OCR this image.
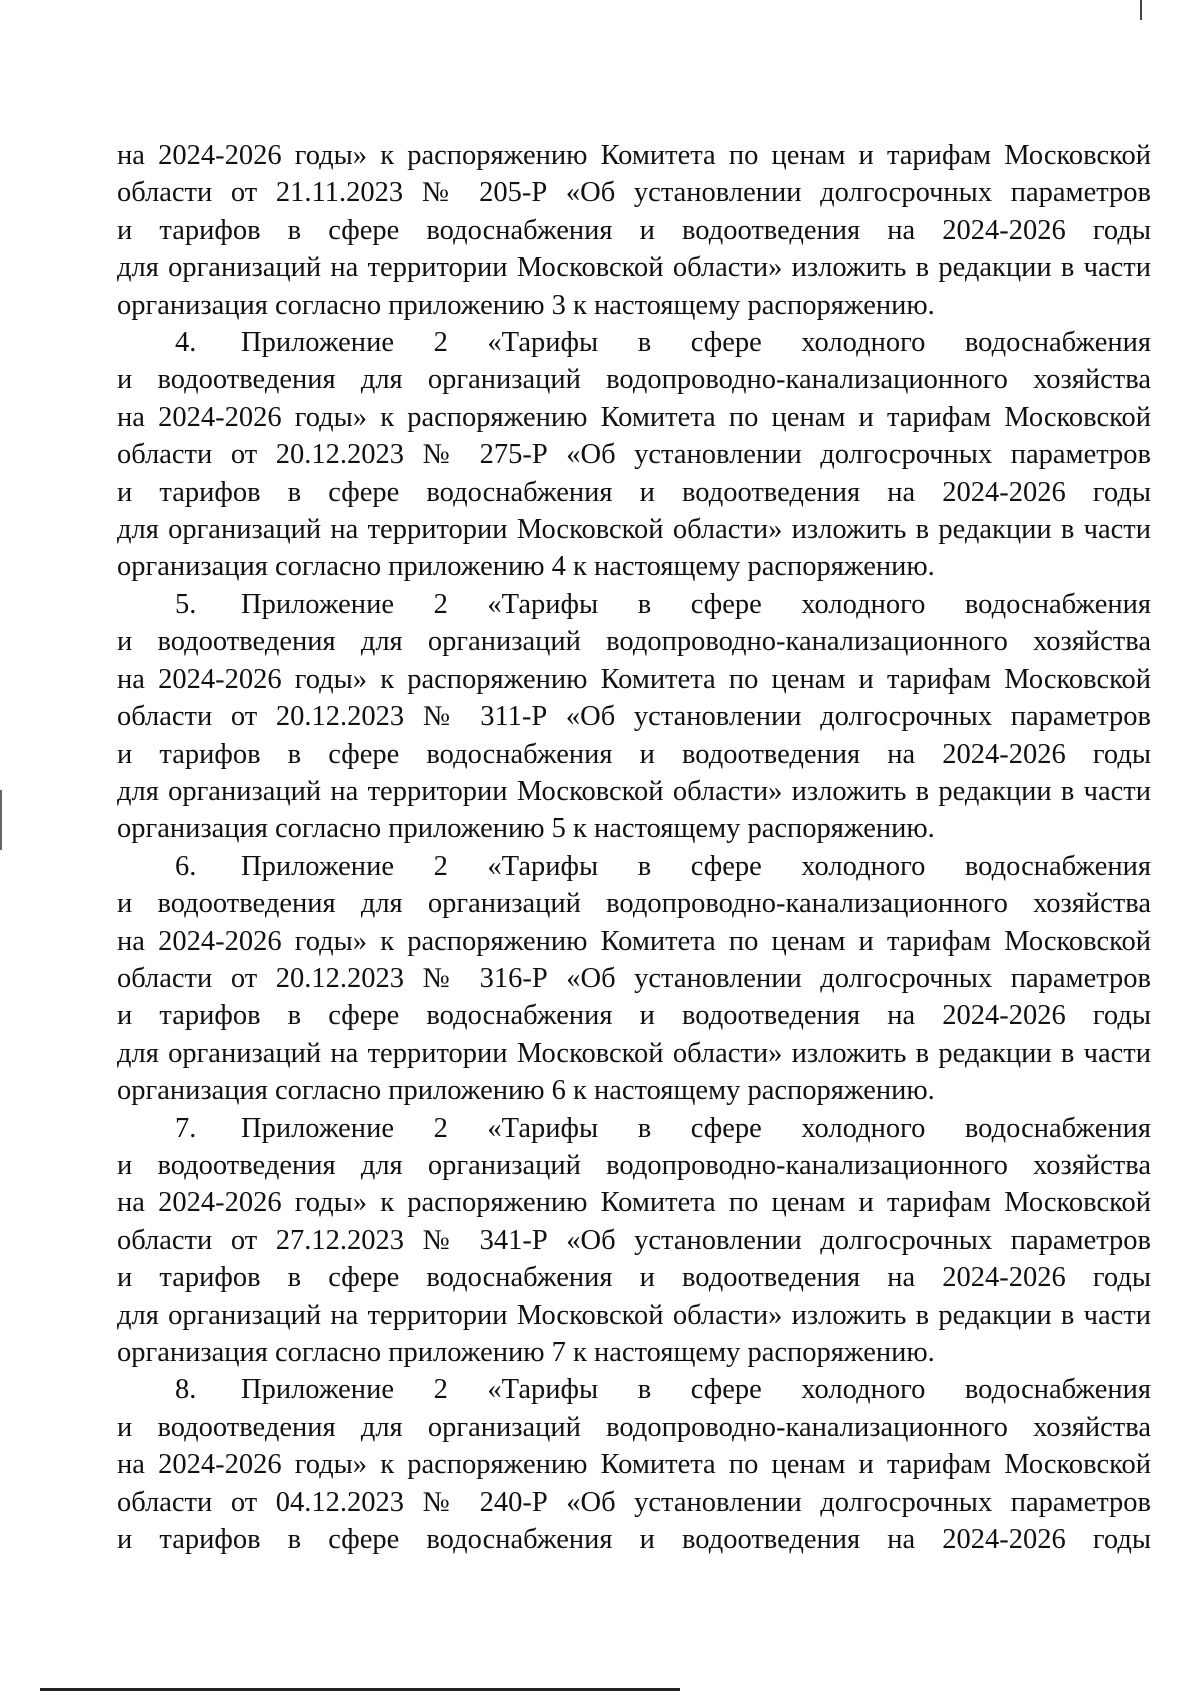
на 2024-2026 годы» к распоряжению Комитета по ценам и тарифам Московской
области от 21.11.2023 № 205-Р «Об установлении долгосрочных параметров
и тарифов в сфере водоснабжения и водоотведения на 2024-2026 годы
для организаций на территории Московской области» изложить в редакции в части
организация согласно приложению 3 к настоящему распоряжению.
4.	Приложение 2 «Тарифы в сфере холодного водоснабжения
и водоотведения для организаций водопроводно-канализационного хозяйства
на 2024-2026 годы» к распоряжению Комитета по ценам и тарифам Московской
области от 20.12.2023 № 275-Р «Об установлении долгосрочных параметров
и тарифов в сфере водоснабжения и водоотведения на 2024-2026 годы
для организаций на территории Московской области» изложить в редакции в части
организация согласно приложению 4 к настоящему распоряжению.
5.	Приложение 2 «Тарифы в сфере холодного водоснабжения
и водоотведения для организаций водопроводно-канализационного хозяйства
на 2024-2026 годы» к распоряжению Комитета по ценам и тарифам Московской
области от 20.12.2023 № 311-Р «Об установлении долгосрочных параметров
и тарифов в сфере водоснабжения и водоотведения на 2024-2026 годы
для организаций на территории Московской области» изложить в редакции в части
организация согласно приложению 5 к настоящему распоряжению.
6.	Приложение 2 «Тарифы в сфере холодного водоснабжения
и водоотведения для организаций водопроводно-канализационного хозяйства
на 2024-2026 годы» к распоряжению Комитета по ценам и тарифам Московской
области от 20.12.2023 № 316-Р «Об установлении долгосрочных параметров
и тарифов в сфере водоснабжения и водоотведения на 2024-2026 годы
для организаций на территории Московской области» изложить в редакции в части
организация согласно приложению 6 к настоящему распоряжению.
7.	Приложение 2 «Тарифы в сфере холодного водоснабжения
и водоотведения для организаций водопроводно-канализационного хозяйства
на 2024-2026 годы» к распоряжению Комитета по ценам и тарифам Московской
области от 27.12.2023 № 341-Р «Об установлении долгосрочных параметров
и тарифов в сфере водоснабжения и водоотведения на 2024-2026 годы
для организаций на территории Московской области» изложить в редакции в части
организация согласно приложению 7 к настоящему распоряжению.
8.	Приложение 2 «Тарифы в сфере холодного водоснабжения
и водоотведения для организаций водопроводно-канализационного хозяйства
на 2024-2026 годы» к распоряжению Комитета по ценам и тарифам Московской
области от 04.12.2023 № 240-Р «Об установлении долгосрочных параметров
и тарифов в сфере водоснабжения и водоотведения на 2024-2026 годы
